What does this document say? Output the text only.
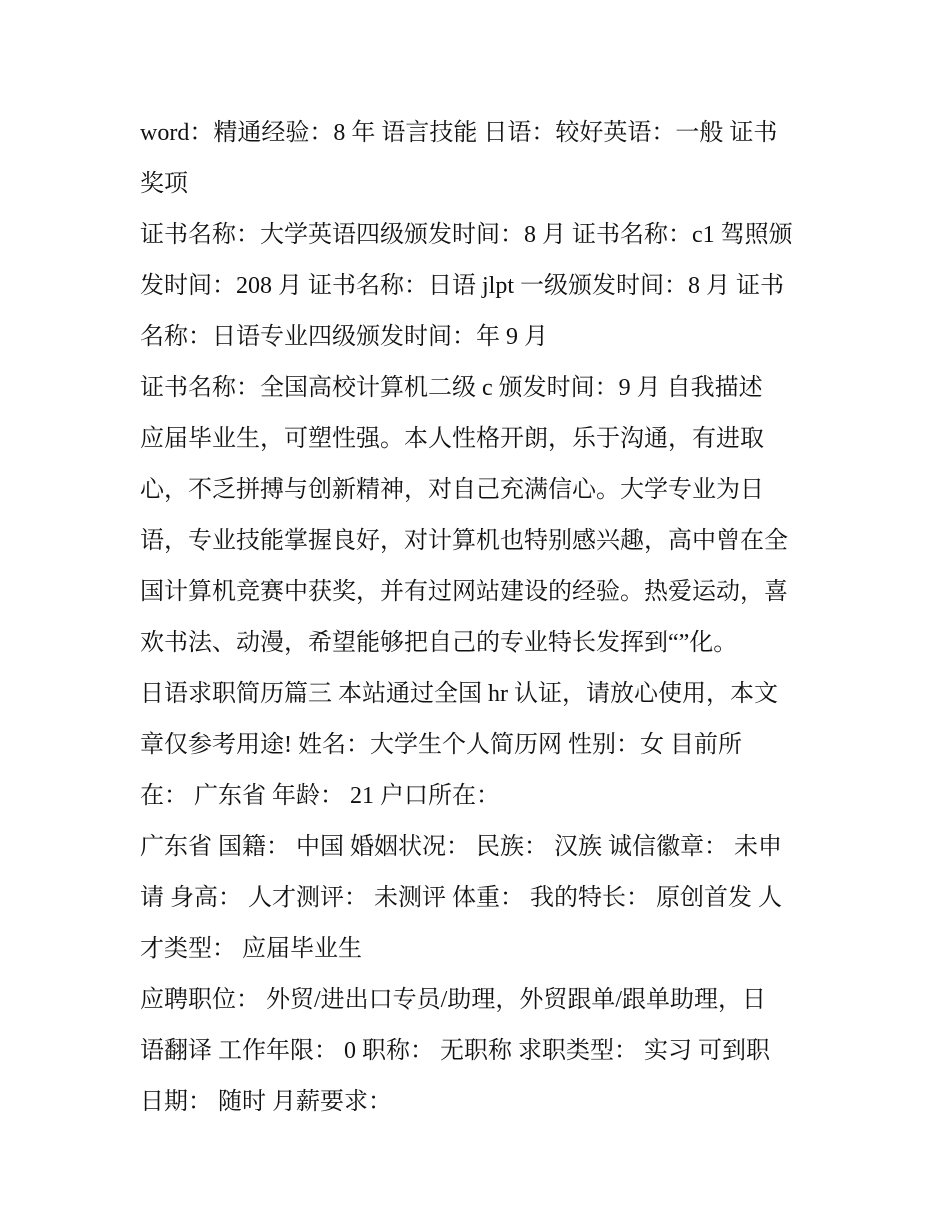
word：精通经验：8 年 语言技能 日语：较好英语：一般 证书
奖项
证书名称：大学英语四级颁发时间：8 月 证书名称：c1 驾照颁
发时间：208 月 证书名称：日语 jlpt 一级颁发时间：8 月 证书
名称：日语专业四级颁发时间：年 9 月
证书名称：全国高校计算机二级 c 颁发时间：9 月 自我描述
应届毕业生，可塑性强。本人性格开朗，乐于沟通，有进取
心，不乏拼搏与创新精神，对自己充满信心。大学专业为日
语，专业技能掌握良好，对计算机也特别感兴趣，高中曾在全
国计算机竞赛中获奖，并有过网站建设的经验。热爱运动，喜
欢书法、动漫，希望能够把自己的专业特长发挥到“”化。
日语求职简历篇三 本站通过全国 hr 认证，请放心使用，本文
章仅参考用途! 姓名：大学生个人简历网 性别：女 目前所
在： 广东省 年龄： 21 户口所在：
广东省 国籍： 中国 婚姻状况： 民族： 汉族 诚信徽章： 未申
请 身高： 人才测评： 未测评 体重： 我的特长： 原创首发 人
才类型： 应届毕业生
应聘职位： 外贸/进出口专员/助理，外贸跟单/跟单助理，日
语翻译 工作年限： 0 职称： 无职称 求职类型： 实习 可到职
日期： 随时 月薪要求：
